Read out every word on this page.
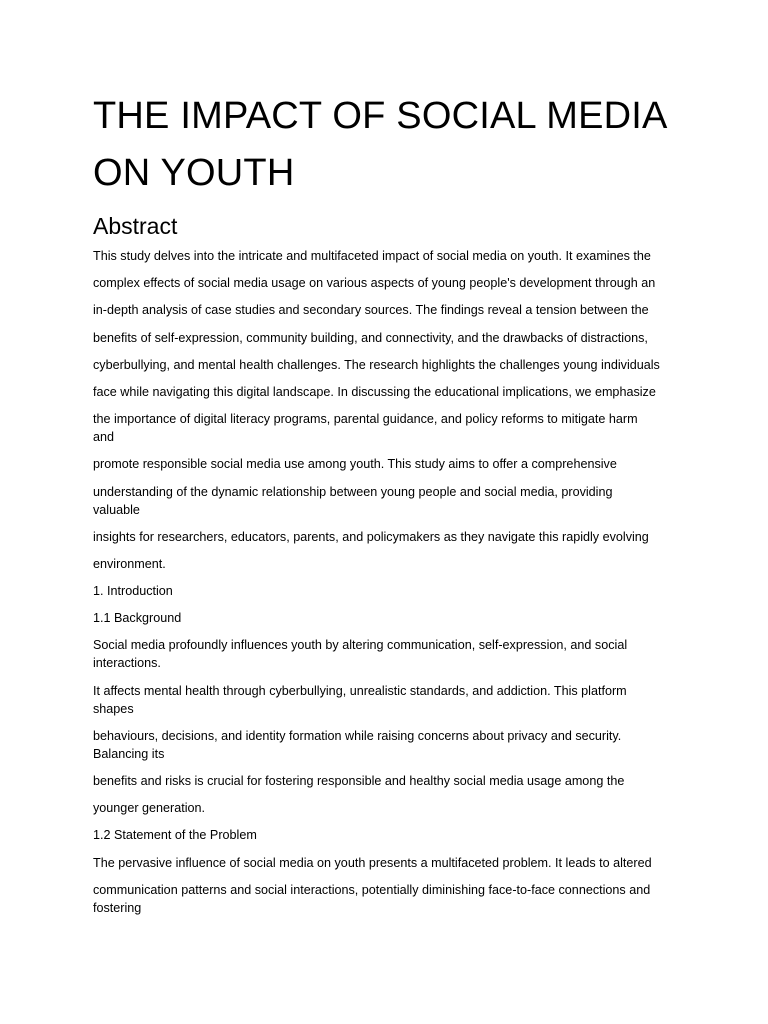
THE IMPACT OF SOCIAL MEDIA
ON YOUTH
Abstract
This study delves into the intricate and multifaceted impact of social media on youth. It examines the
complex effects of social media usage on various aspects of young people's development through an
in-depth analysis of case studies and secondary sources. The findings reveal a tension between the
benefits of self-expression, community building, and connectivity, and the drawbacks of distractions,
cyberbullying, and mental health challenges. The research highlights the challenges young individuals
face while navigating this digital landscape. In discussing the educational implications, we emphasize
the importance of digital literacy programs, parental guidance, and policy reforms to mitigate harm
and
promote responsible social media use among youth. This study aims to offer a comprehensive
understanding of the dynamic relationship between young people and social media, providing
valuable
insights for researchers, educators, parents, and policymakers as they navigate this rapidly evolving
environment.
1. Introduction
1.1 Background
Social media profoundly influences youth by altering communication, self-expression, and social
interactions.
It affects mental health through cyberbullying, unrealistic standards, and addiction. This platform
shapes
behaviours, decisions, and identity formation while raising concerns about privacy and security.
Balancing its
benefits and risks is crucial for fostering responsible and healthy social media usage among the
younger generation.
1.2 Statement of the Problem
The pervasive influence of social media on youth presents a multifaceted problem. It leads to altered
communication patterns and social interactions, potentially diminishing face-to-face connections and
fostering
